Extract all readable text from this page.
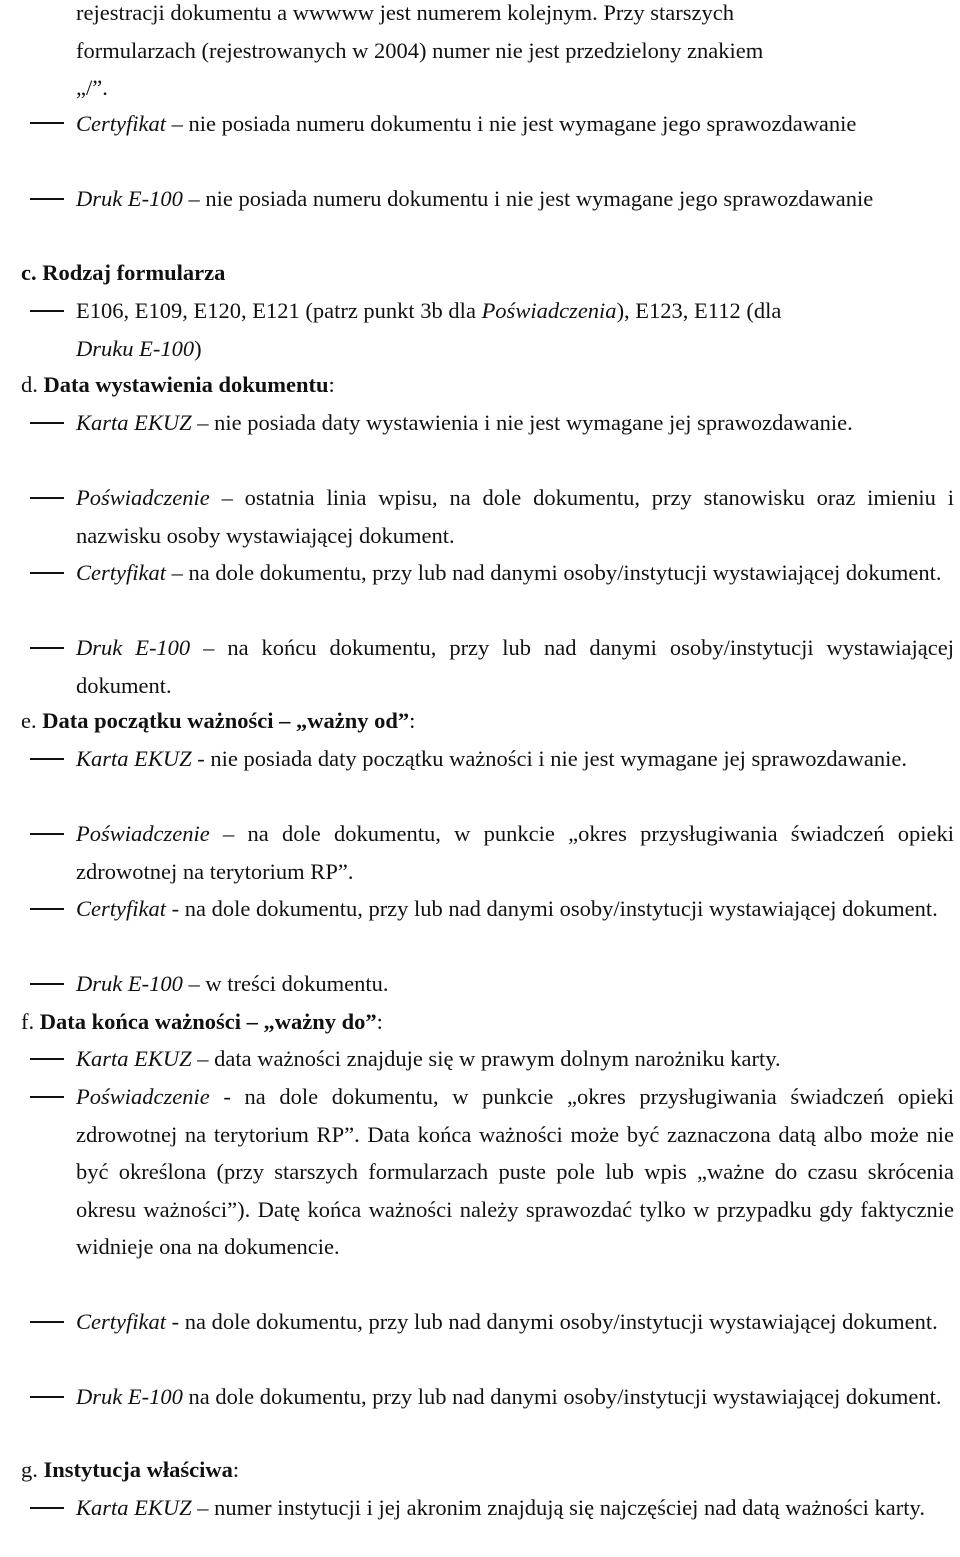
rejestracji dokumentu a wwwww jest numerem kolejnym. Przy starszych
formularzach (rejestrowanych w 2004) numer nie jest przedzielony znakiem
„/”.
Certyfikat – nie posiada numeru dokumentu i nie jest wymagane jego sprawozdawanie
Druk E-100 – nie posiada numeru dokumentu i nie jest wymagane jego sprawozdawanie
c. Rodzaj formularza
E106, E109, E120, E121 (patrz punkt 3b dla Poświadczenia), E123, E112 (dla
Druku E-100)
d. Data wystawienia dokumentu:
Karta EKUZ – nie posiada daty wystawienia i nie jest wymagane jej sprawozdawanie.
Poświadczenie – ostatnia linia wpisu, na dole dokumentu, przy stanowisku oraz imieniu i nazwisku osoby wystawiającej dokument.
Certyfikat – na dole dokumentu, przy lub nad danymi osoby/instytucji wystawiającej dokument.
Druk E-100 – na końcu dokumentu, przy lub nad danymi osoby/instytucji wystawiającej dokument.
e. Data początku ważności – „ważny od”:
Karta EKUZ - nie posiada daty początku ważności i nie jest wymagane jej sprawozdawanie.
Poświadczenie – na dole dokumentu, w punkcie „okres przysługiwania świadczeń opieki zdrowotnej na terytorium RP”.
Certyfikat - na dole dokumentu, przy lub nad danymi osoby/instytucji wystawiającej dokument.
Druk E-100 – w treści dokumentu.
f. Data końca ważności – „ważny do”:
Karta EKUZ – data ważności znajduje się w prawym dolnym narożniku karty.
Poświadczenie - na dole dokumentu, w punkcie „okres przysługiwania świadczeń opieki zdrowotnej na terytorium RP”. Data końca ważności może być zaznaczona datą albo może nie być określona (przy starszych formularzach puste pole lub wpis „ważne do czasu skrócenia okresu ważności”). Datę końca ważności należy sprawozdać tylko w przypadku gdy faktycznie widnieje ona na dokumencie.
Certyfikat - na dole dokumentu, przy lub nad danymi osoby/instytucji wystawiającej dokument.
Druk E-100 na dole dokumentu, przy lub nad danymi osoby/instytucji wystawiającej dokument.
g. Instytucja właściwa:
Karta EKUZ – numer instytucji i jej akronim znajdują się najczęściej nad datą ważności karty.
